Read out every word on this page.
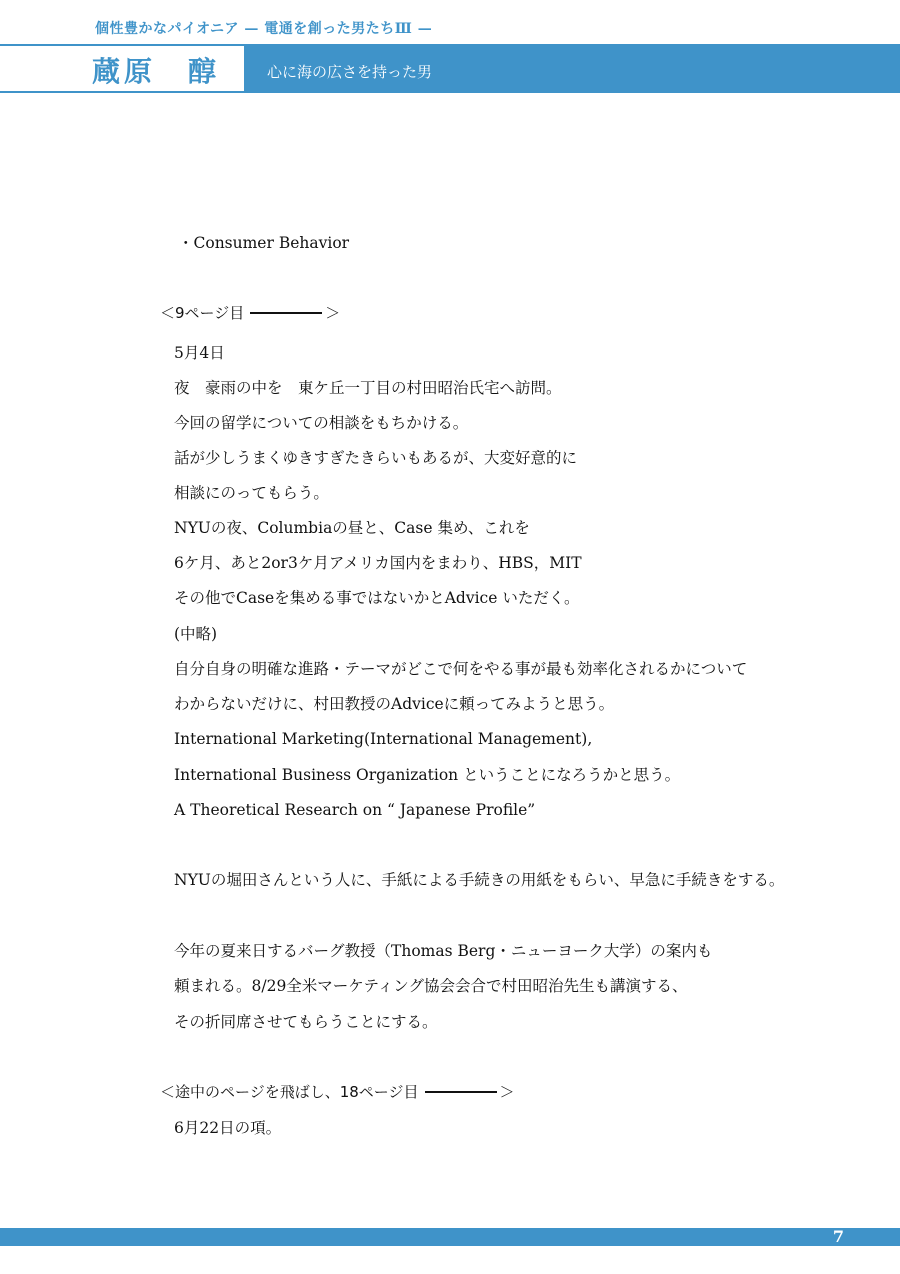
個性豊かなパイオニア — 電通を創った男たちⅢ —
蔵原　醇	心に海の広さを持った男
・Consumer Behavior
＜9ページ目	＞
5月4日
夜　豪雨の中を　東ケ丘一丁目の村田昭治氏宅へ訪問。
今回の留学についての相談をもちかける。
話が少しうまくゆきすぎたきらいもあるが、大変好意的に
相談にのってもらう。
NYUの夜、Columbiaの昼と、Case 集め、これを
6ケ月、あと2or3ケ月アメリカ国内をまわり、HBS，MIT
その他でCaseを集める事ではないかとAdvice いただく。
(中略)
自分自身の明確な進路・テーマがどこで何をやる事が最も効率化されるかについて
わからないだけに、村田教授のAdviceに頼ってみようと思う。
International Marketing(International Management),
International Business Organization ということになろうかと思う。
A Theoretical Research on “ Japanese Profile”
NYUの堀田さんという人に、手紙による手続きの用紙をもらい、早急に手続きをする。
今年の夏来日するバーグ教授（Thomas Berg・ニューヨーク大学）の案内も
頼まれる。8/29全米マーケティング協会会合で村田昭治先生も講演する、
その折同席させてもらうことにする。
＜途中のページを飛ばし、18ページ目	＞
6月22日の項。
7
